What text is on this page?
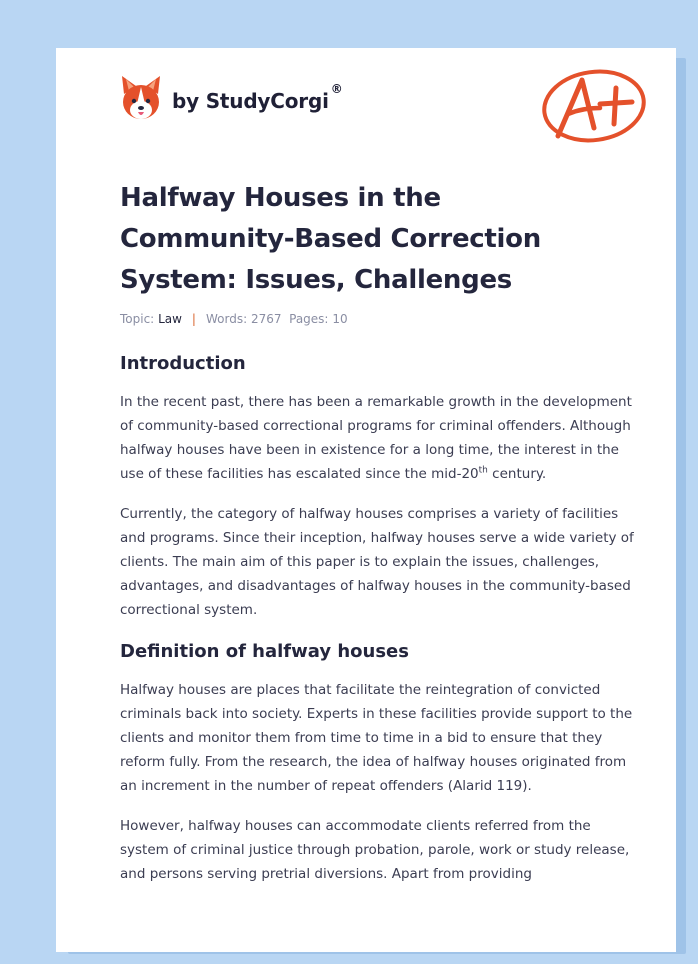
by StudyCorgi ®
Halfway Houses in the Community-Based Correction System: Issues, Challenges
Topic: Law | Words: 2767 Pages: 10
Introduction

In the recent past, there has been a remarkable growth in the development of community-based correctional programs for criminal offenders. Although halfway houses have been in existence for a long time, the interest in the use of these facilities has escalated since the mid-20th century.

Currently, the category of halfway houses comprises a variety of facilities and programs. Since their inception, halfway houses serve a wide variety of clients. The main aim of this paper is to explain the issues, challenges, advantages, and disadvantages of halfway houses in the community-based correctional system.

Definition of halfway houses

Halfway houses are places that facilitate the reintegration of convicted criminals back into society. Experts in these facilities provide support to the clients and monitor them from time to time in a bid to ensure that they reform fully. From the research, the idea of halfway houses originated from an increment in the number of repeat offenders (Alarid 119).

However, halfway houses can accommodate clients referred from the system of criminal justice through probation, parole, work or study release, and persons serving pretrial diversions. Apart from providing
